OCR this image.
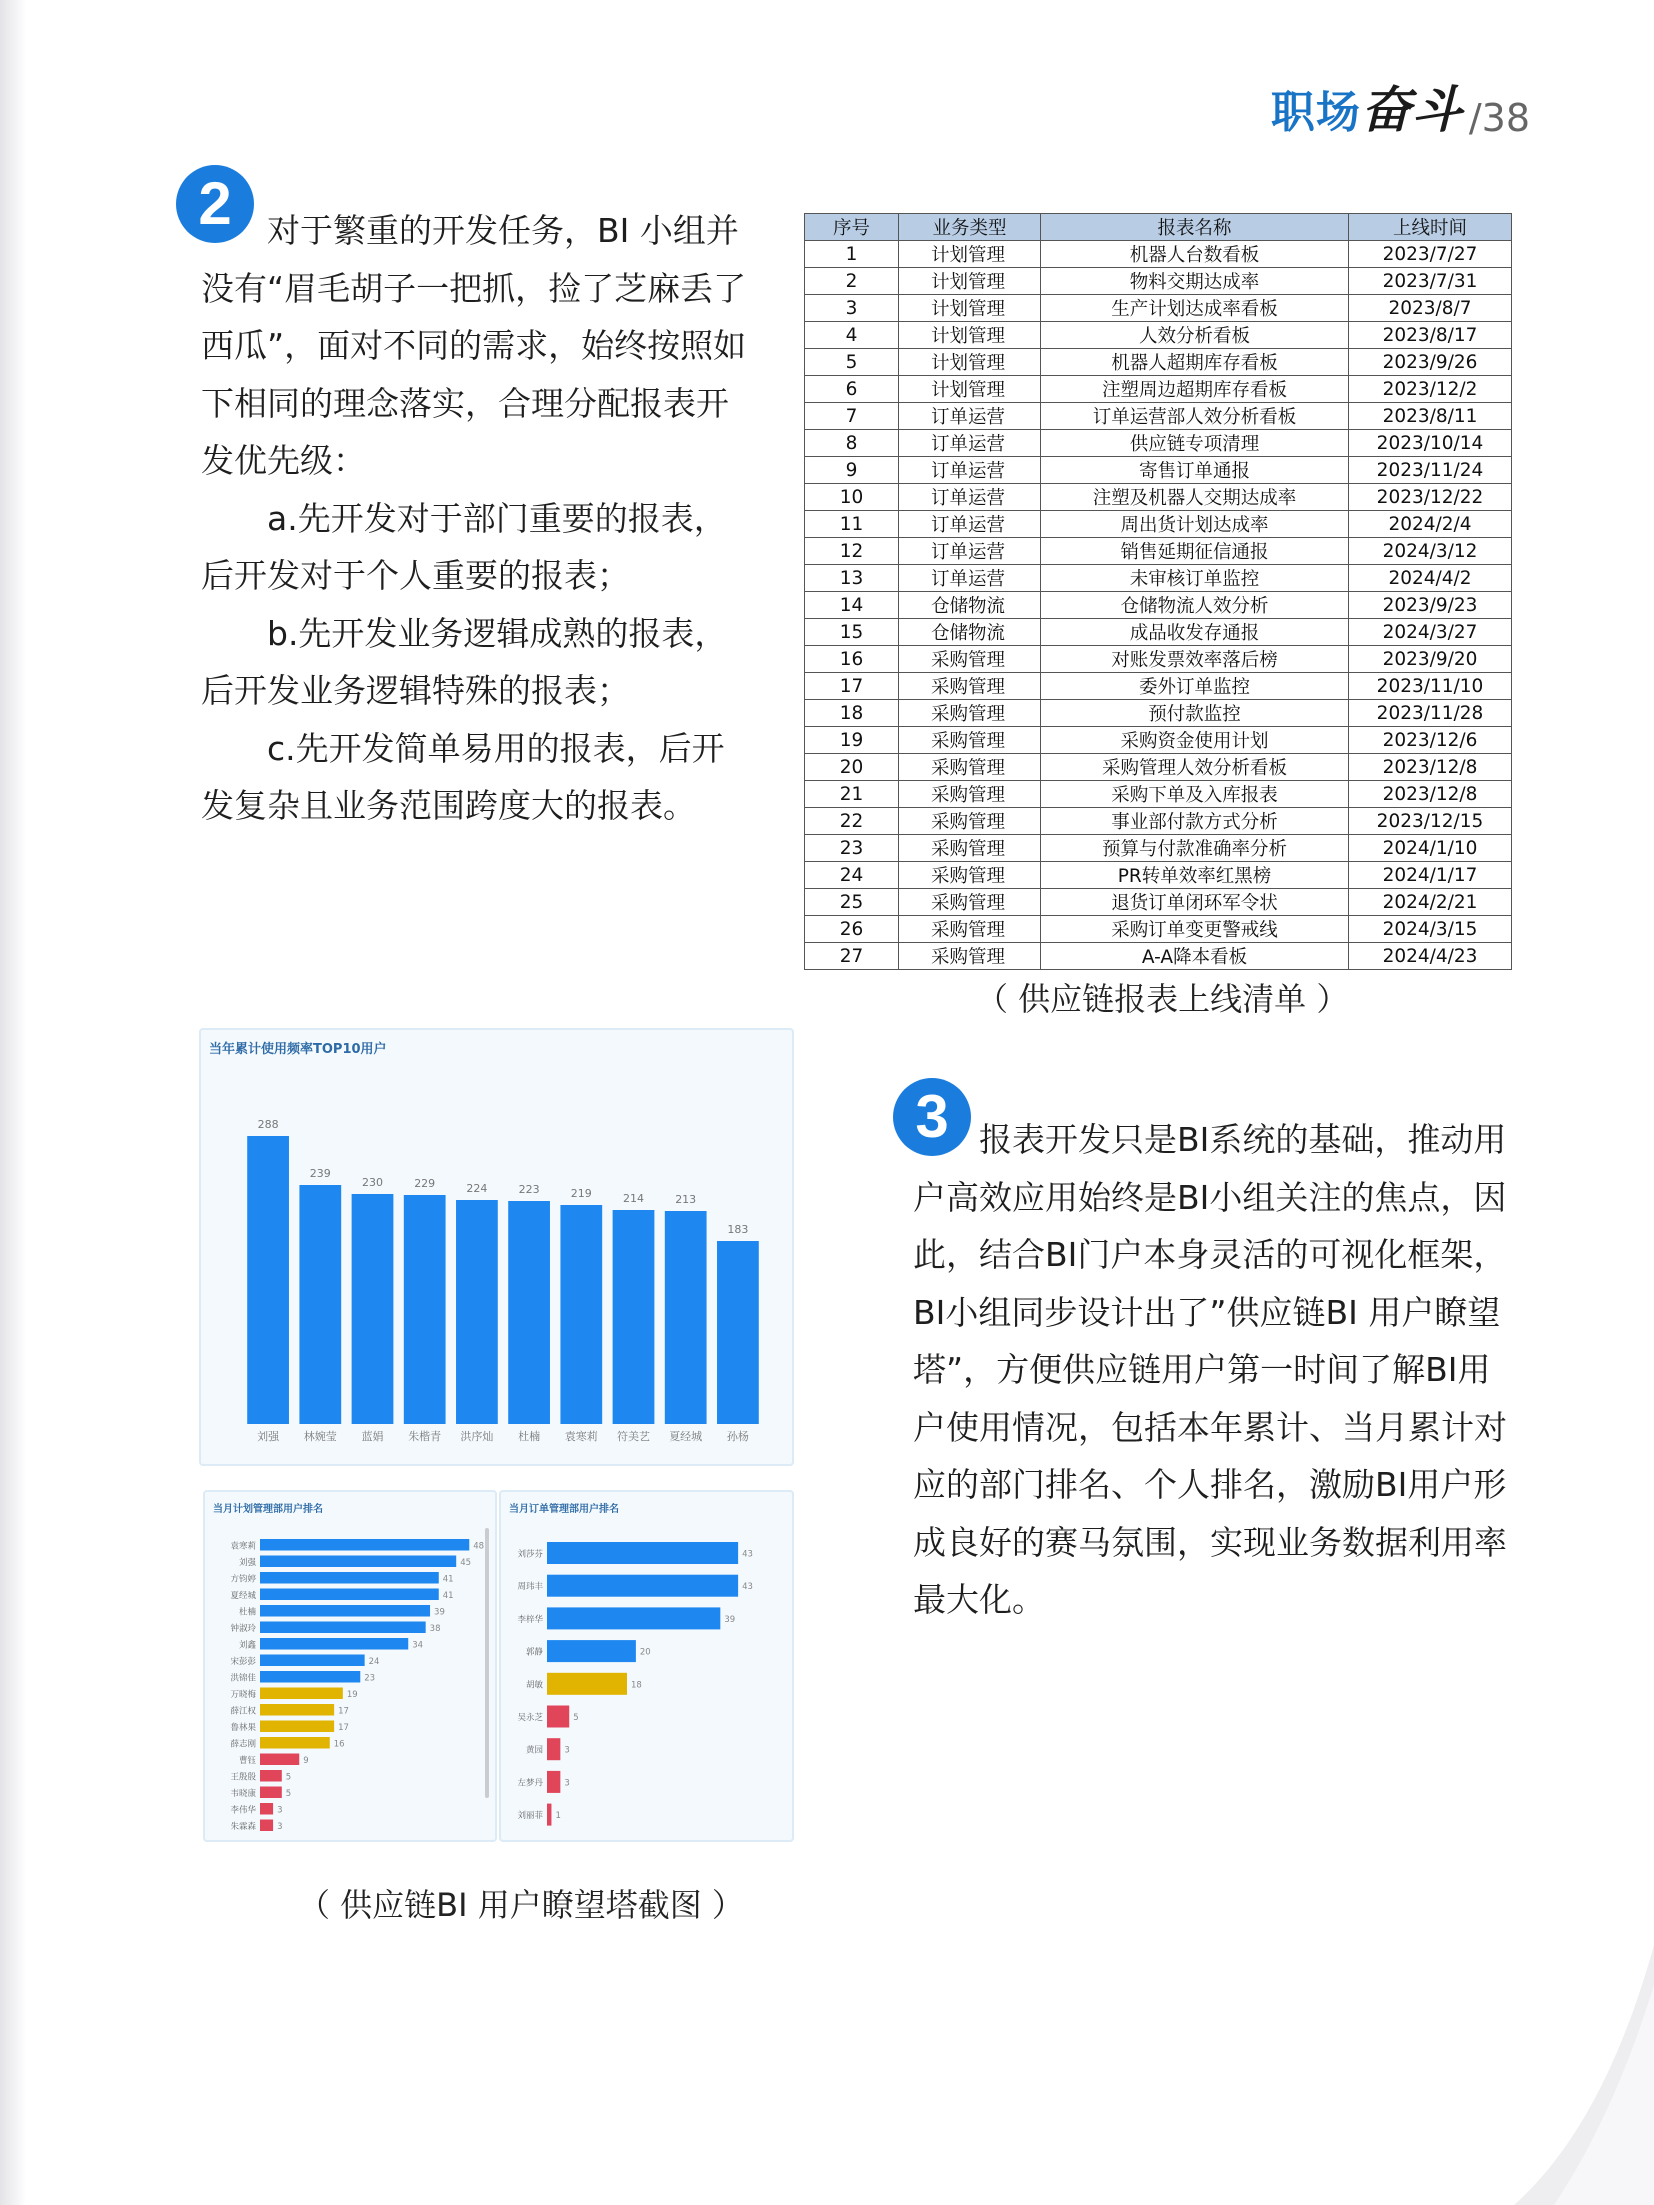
职场奋斗 /38
2	对于繁重的开发任务，BI 小组并没有“眉毛胡子一把抓，捡了芝麻丢了西瓜”，面对不同的需求，始终按照如下相同的理念落实，合理分配报表开发优先级：

a.先开发对于部门重要的报表，后开发对于个人重要的报表；

b.先开发业务逻辑成熟的报表，后开发业务逻辑特殊的报表；

c.先开发简单易用的报表，后开发复杂且业务范围跨度大的报表。

序号	业务类型	报表名称	上线时间
1	计划管理	机器人台数看板	2023/7/27
2	计划管理	物料交期达成率	2023/7/31
3	计划管理	生产计划达成率看板	2023/8/7
4	计划管理	人效分析看板	2023/8/17
5	计划管理	机器人超期库存看板	2023/9/26
6	计划管理	注塑周边超期库存看板	2023/12/2
7	订单运营	订单运营部人效分析看板	2023/8/11
8	订单运营	供应链专项清理	2023/10/14
9	订单运营	寄售订单通报	2023/11/24
10	订单运营	注塑及机器人交期达成率	2023/12/22
11	订单运营	周出货计划达成率	2024/2/4
12	订单运营	销售延期征信通报	2024/3/12
13	订单运营	未审核订单监控	2024/4/2
14	仓储物流	仓储物流人效分析	2023/9/23
15	仓储物流	成品收发存通报	2024/3/27
16	采购管理	对账发票效率落后榜	2023/9/20
17	采购管理	委外订单监控	2023/11/10
18	采购管理	预付款监控	2023/11/28
19	采购管理	采购资金使用计划	2023/12/6
20	采购管理	采购管理人效分析看板	2023/12/8
21	采购管理	采购下单及入库报表	2023/12/8
22	采购管理	事业部付款方式分析	2023/12/15
23	采购管理	预算与付款准确率分析	2024/1/10
24	采购管理	PR转单效率红黑榜	2024/1/17
25	采购管理	退货订单闭环军令状	2024/2/21
26	采购管理	采购订单变更警戒线	2024/3/15
27	采购管理	A-A降本看板	2024/4/23
（ 供应链报表上线清单 ）
当年累计使用频率TOP10用户
288
刘强
239
林婉莹
230
蓝娟
229
朱楷青
224
洪序灿
223
杜楠
219
袁寒莉
214
符美艺
213
夏经城
183
孙杨
当月计划管理部用户排名
袁寒莉	48
刘强	45
方钧婷	41
夏经城	41
杜楠	39
钟淑玲	38
刘鑫	34
宋彭彭	24
洪锦佳	23
万晓梅	19
薛江权	17
鲁林果	17
薛志刚	16
曹钰	9
王殷殷	5
韦晓康	5
李伟华 3
朱霖森 3
当月订单管理部用户排名
刘莎芬	43
周玮丰	43
李梓华	39
郭静	20
胡敏	18
吴永芝	5
黄园	3
左梦丹	3
刘丽菲 1
（ 供应链BI 用户瞭望塔截图 ）
3 报表开发只是BI系统的基础，推动用户高效应用始终是BI小组关注的焦点，因此，结合BI门户本身灵活的可视化框架，BI小组同步设计出了”供应链BI 用户瞭望塔”，方便供应链用户第一时间了解BI用户使用情况，包括本年累计、当月累计对应的部门排名、个人排名，激励BI用户形成良好的赛马氛围，实现业务数据利用率最大化。
